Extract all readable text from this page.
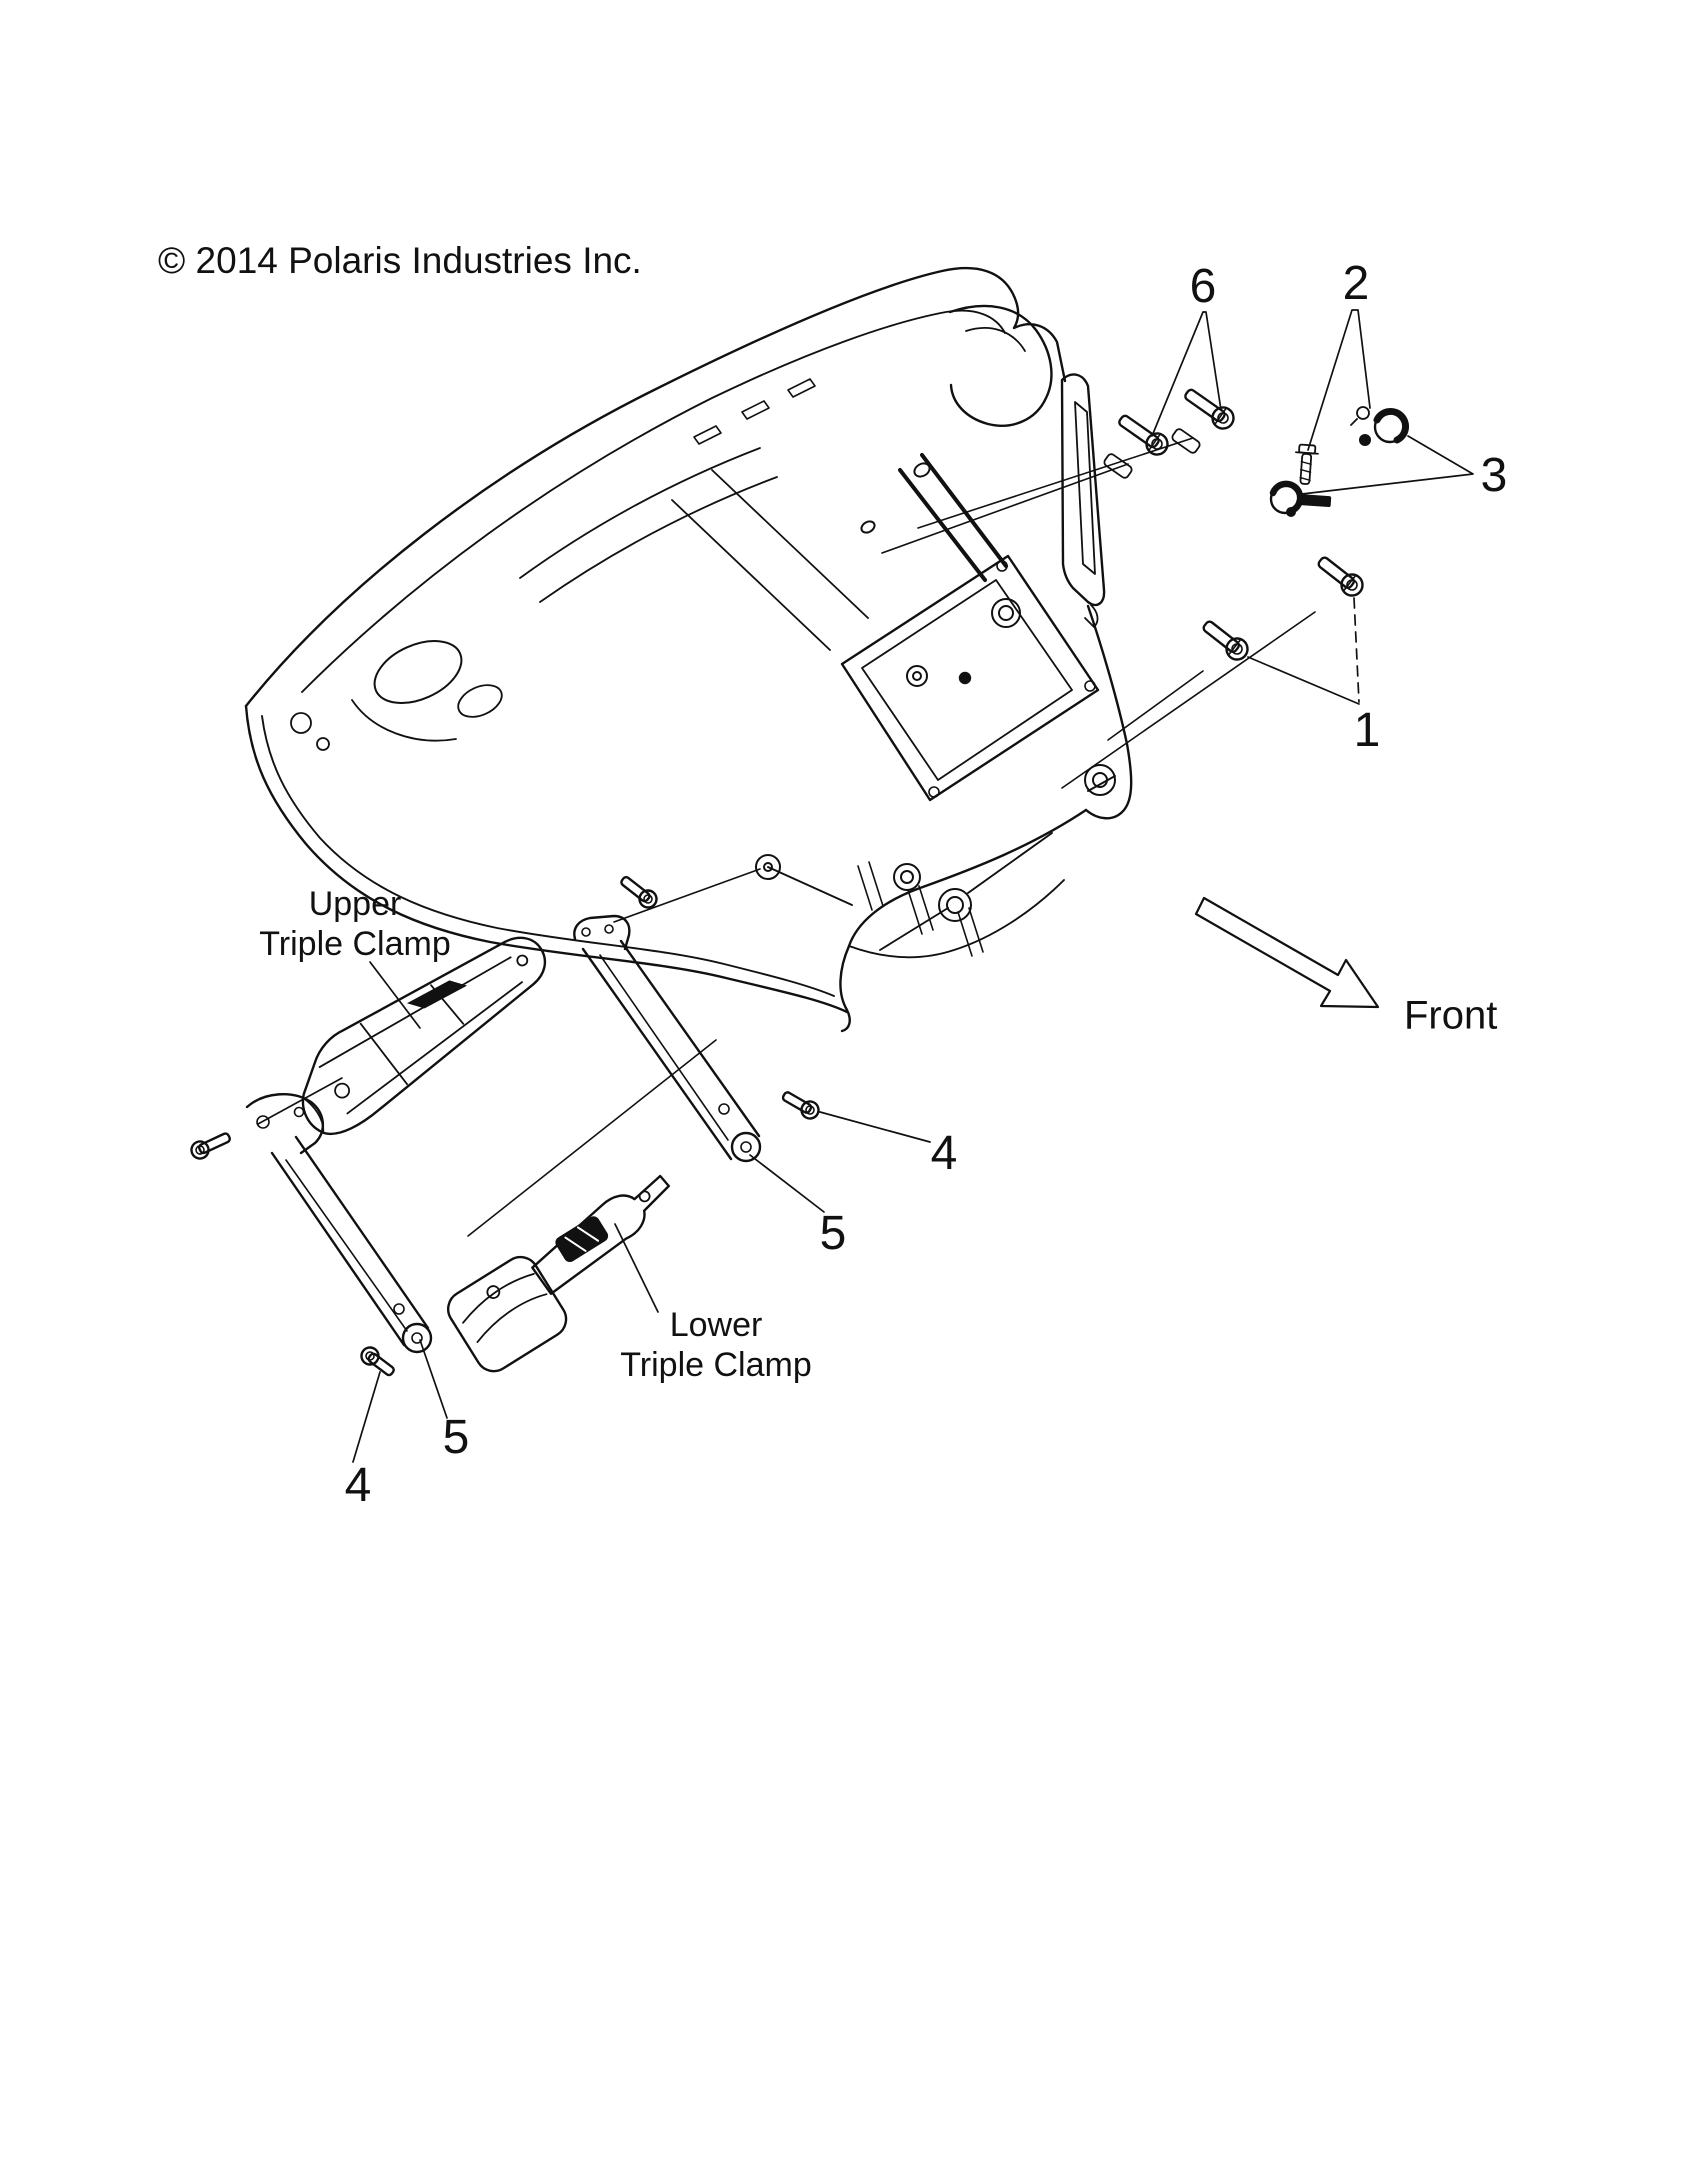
© 2014 Polaris Industries Inc.	6	2
3
1
4
5
5
4
Upper
Triple Clamp
Lower
Triple Clamp
Front
